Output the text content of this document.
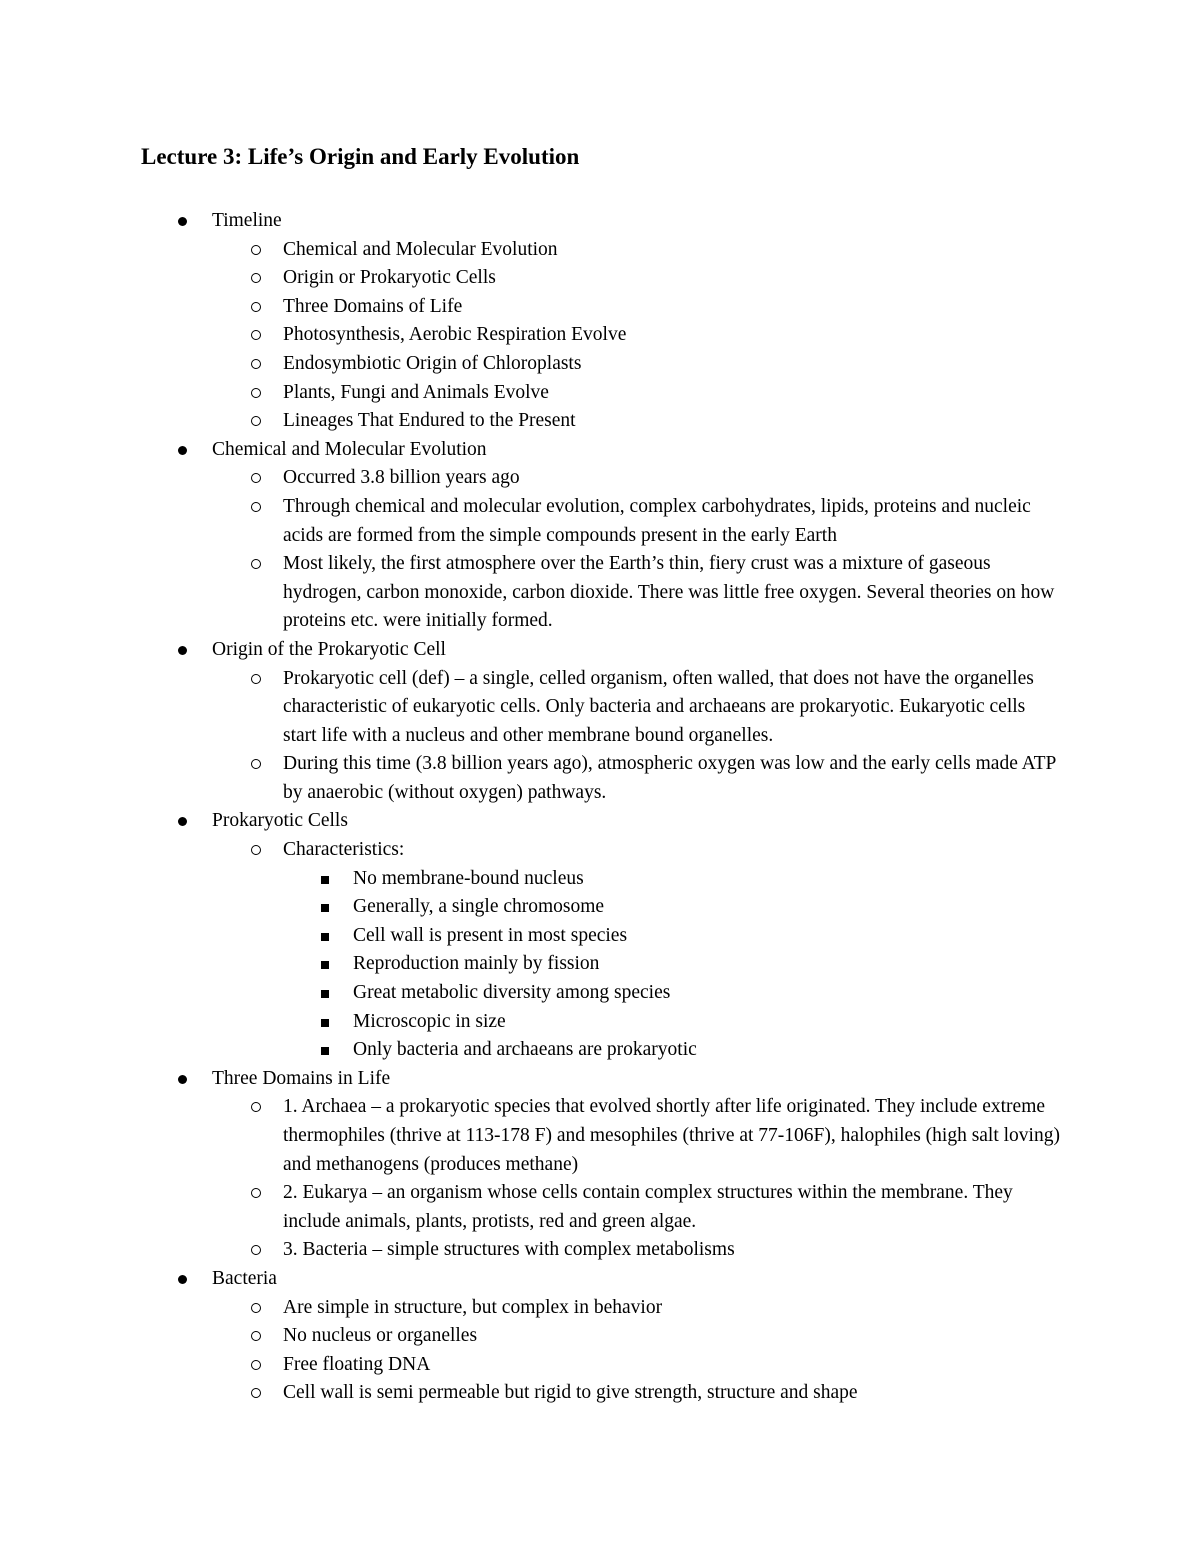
Lecture 3: Life’s Origin and Early Evolution
Timeline
Chemical and Molecular Evolution
Origin or Prokaryotic Cells
Three Domains of Life
Photosynthesis, Aerobic Respiration Evolve
Endosymbiotic Origin of Chloroplasts
Plants, Fungi and Animals Evolve
Lineages That Endured to the Present
Chemical and Molecular Evolution
Occurred 3.8 billion years ago
Through chemical and molecular evolution, complex carbohydrates, lipids, proteins and nucleic acids are formed from the simple compounds present in the early Earth
Most likely, the first atmosphere over the Earth’s thin, fiery crust was a mixture of gaseous hydrogen, carbon monoxide, carbon dioxide. There was little free oxygen. Several theories on how proteins etc. were initially formed.
Origin of the Prokaryotic Cell
Prokaryotic cell (def) – a single, celled organism, often walled, that does not have the organelles characteristic of eukaryotic cells. Only bacteria and archaeans are prokaryotic. Eukaryotic cells start life with a nucleus and other membrane bound organelles.
During this time (3.8 billion years ago), atmospheric oxygen was low and the early cells made ATP by anaerobic (without oxygen) pathways.
Prokaryotic Cells
Characteristics:
No membrane-bound nucleus
Generally, a single chromosome
Cell wall is present in most species
Reproduction mainly by fission
Great metabolic diversity among species
Microscopic in size
Only bacteria and archaeans are prokaryotic
Three Domains in Life
1. Archaea – a prokaryotic species that evolved shortly after life originated. They include extreme thermophiles (thrive at 113-178 F) and mesophiles (thrive at 77-106F), halophiles (high salt loving) and methanogens (produces methane)
2. Eukarya – an organism whose cells contain complex structures within the membrane. They include animals, plants, protists, red and green algae.
3. Bacteria – simple structures with complex metabolisms
Bacteria
Are simple in structure, but complex in behavior
No nucleus or organelles
Free floating DNA
Cell wall is semi permeable but rigid to give strength, structure and shape
